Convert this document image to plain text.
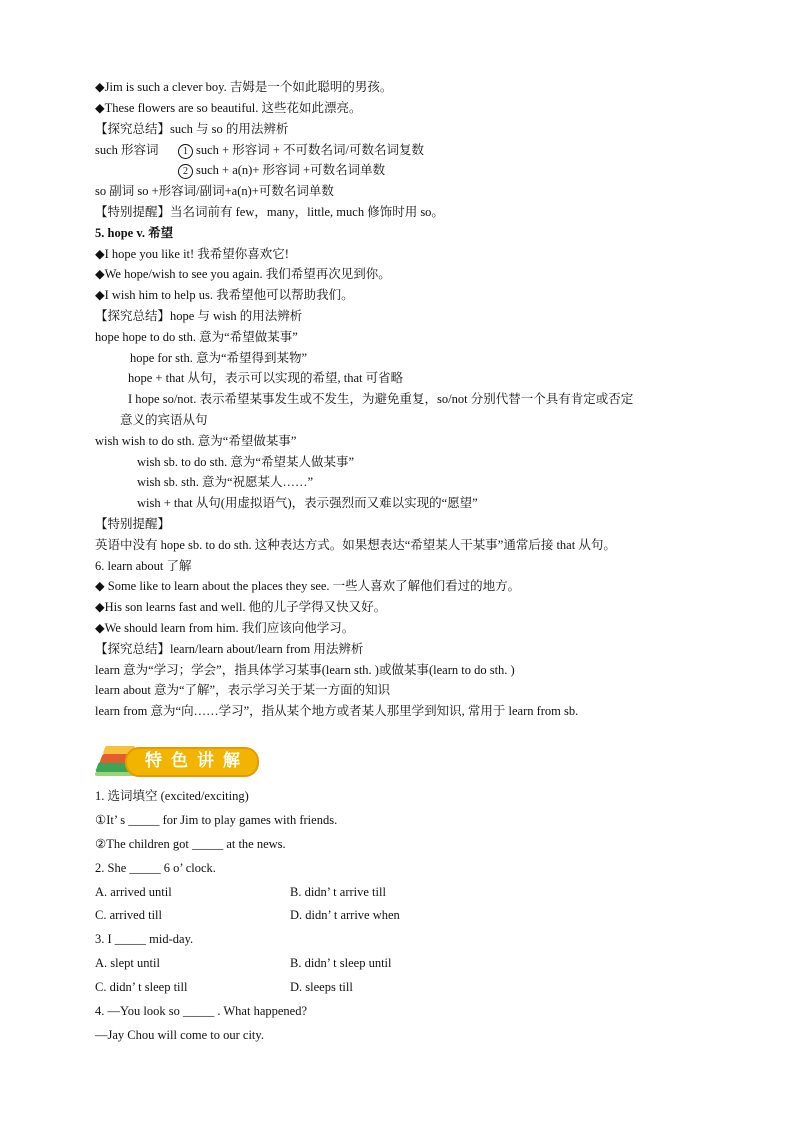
◆Jim is such a clever boy. 吉姆是一个如此聪明的男孩。
◆These flowers are so beautiful. 这些花如此漂亮。
【探究总结】such 与 so 的用法辨析
such 形容词	1 such + 形容词 + 不可数名词/可数名词复数
2 such + a(n)+ 形容词 +可数名词单数
so 副词 so +形容词/副词+a(n)+可数名词单数
【特别提醒】当名词前有 few，many，little, much 修饰时用 so。
5. hope v. 希望
◆I hope you like it! 我希望你喜欢它!
◆We hope/wish to see you again. 我们希望再次见到你。
◆I wish him to help us. 我希望他可以帮助我们。
【探究总结】hope 与 wish 的用法辨析
hope hope to do sth. 意为“希望做某事”
hope for sth. 意为“希望得到某物”
hope + that 从句，表示可以实现的希望, that 可省略
I hope so/not. 表示希望某事发生或不发生，为避免重复，so/not 分别代替一个具有肯定或否定
意义的宾语从句
wish wish to do sth. 意为“希望做某事”
wish sb. to do sth. 意为“希望某人做某事”
wish sb. sth. 意为“祝愿某人……”
wish + that 从句(用虚拟语气)，表示强烈而又难以实现的“愿望”
【特别提醒】
英语中没有 hope sb. to do sth. 这种表达方式。如果想表达“希望某人干某事”通常后接 that 从句。
6. learn about 了解
◆ Some like to learn about the places they see. 一些人喜欢了解他们看过的地方。
◆His son learns fast and well. 他的儿子学得又快又好。
◆We should learn from him. 我们应该向他学习。
【探究总结】learn/learn about/learn from 用法辨析
learn 意为“学习；学会”，指具体学习某事(learn sth. )或做某事(learn to do sth. )
learn about 意为“了解”，表示学习关于某一方面的知识
learn from 意为“向……学习”，指从某个地方或者某人那里学到知识, 常用于 learn from sb.
特色讲解
1. 选词填空 (excited/exciting)
①It’ s _____ for Jim to play games with friends.
②The children got _____ at the news.
2. She _____ 6 o’ clock.
A. arrived until	B. didn’ t arrive till
C. arrived till	D. didn’ t arrive when
3. I _____ mid-day.
A. slept until	B. didn’ t sleep until
C. didn’ t sleep till	D. sleeps till
4. —You look so _____ . What happened?
—Jay Chou will come to our city.
